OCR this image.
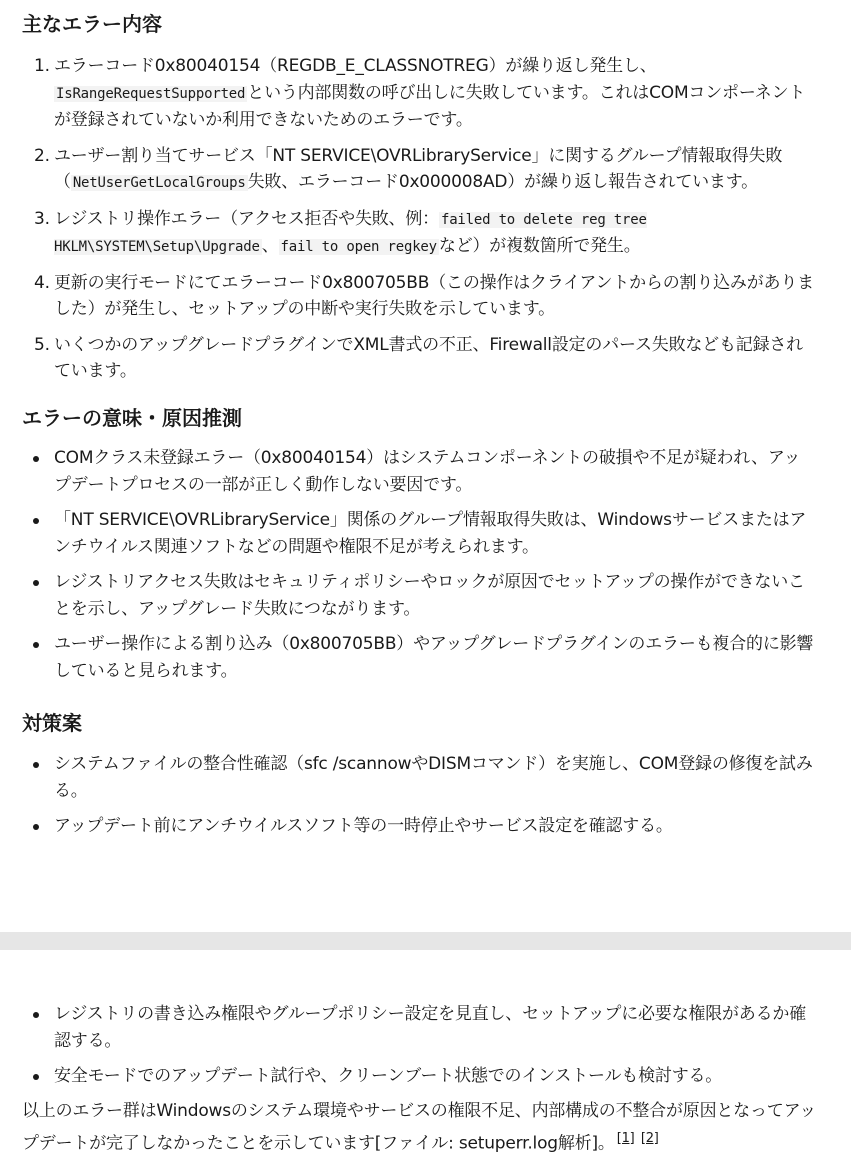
主なエラー内容
1. エラーコード0x80040154（REGDB_E_CLASSNOTREG）が繰り返し発生し、IsRangeRequestSupported という内部関数の呼び出しに失敗しています。これはCOMコンポーネントが登録されていないか利用できないためのエラーです。
2. ユーザー割り当てサービス「NT SERVICE\OVRLibraryService」に関するグループ情報取得失敗（ NetUserGetLocalGroups 失敗、エラーコード0x000008AD）が繰り返し報告されています。
3. レジストリ操作エラー（アクセス拒否や失敗、例： failed to delete reg tree HKLM\SYSTEM\Setup\Upgrade 、 fail to open regkey など）が複数箇所で発生。
4. 更新の実行モードにてエラーコード0x800705BB（この操作はクライアントからの割り込みがありました）が発生し、セットアップの中断や実行失敗を示しています。
5. いくつかのアップグレードプラグインでXML書式の不正、Firewall設定のパース失敗なども記録されています。
エラーの意味・原因推測
COMクラス未登録エラー（0x80040154）はシステムコンポーネントの破損や不足が疑われ、アップデートプロセスの一部が正しく動作しない要因です。
「NT SERVICE\OVRLibraryService」関係のグループ情報取得失敗は、Windowsサービスまたはアンチウイルス関連ソフトなどの問題や権限不足が考えられます。
レジストリアクセス失敗はセキュリティポリシーやロックが原因でセットアップの操作ができないことを示し、アップグレード失敗につながります。
ユーザー操作による割り込み（0x800705BB）やアップグレードプラグインのエラーも複合的に影響していると見られます。
対策案
システムファイルの整合性確認（sfc /scannowやDISMコマンド）を実施し、COM登録の修復を試みる。
アップデート前にアンチウイルスソフト等の一時停止やサービス設定を確認する。
レジストリの書き込み権限やグループポリシー設定を見直し、セットアップに必要な権限があるか確認する。
安全モードでのアップデート試行や、クリーンブート状態でのインストールも検討する。

以上のエラー群はWindowsのシステム環境やサービスの権限不足、内部構成の不整合が原因となってアップデートが完了しなかったことを示しています[ファイル: setuperr.log解析]。 [1] [2]
